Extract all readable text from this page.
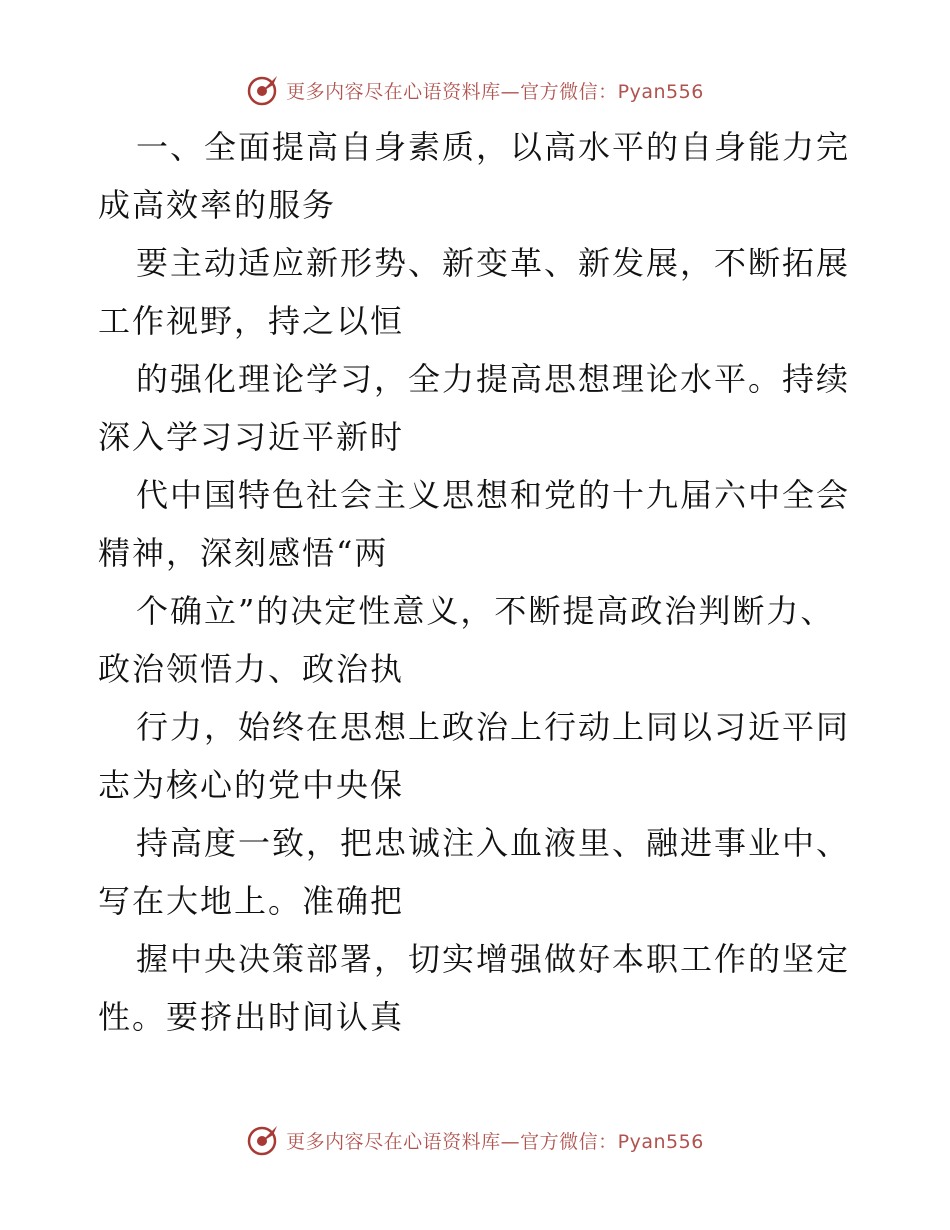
更多内容尽在心语资料库—官方微信：Pyan556

一、全面提高自身素质，以高水平的自身能力完成高效率的服务

要主动适应新形势、新变革、新发展，不断拓展工作视野，持之以恒

的强化理论学习，全力提高思想理论水平。持续深入学习习近平新时

代中国特色社会主义思想和党的十九届六中全会精神，深刻感悟“两

个确立”的决定性意义，不断提高政治判断力、政治领悟力、政治执

行力，始终在思想上政治上行动上同以习近平同志为核心的党中央保

持高度一致，把忠诚注入血液里、融进事业中、写在大地上。准确把

握中央决策部署，切实增强做好本职工作的坚定性。要挤出时间认真

更多内容尽在心语资料库—官方微信：Pyan556
